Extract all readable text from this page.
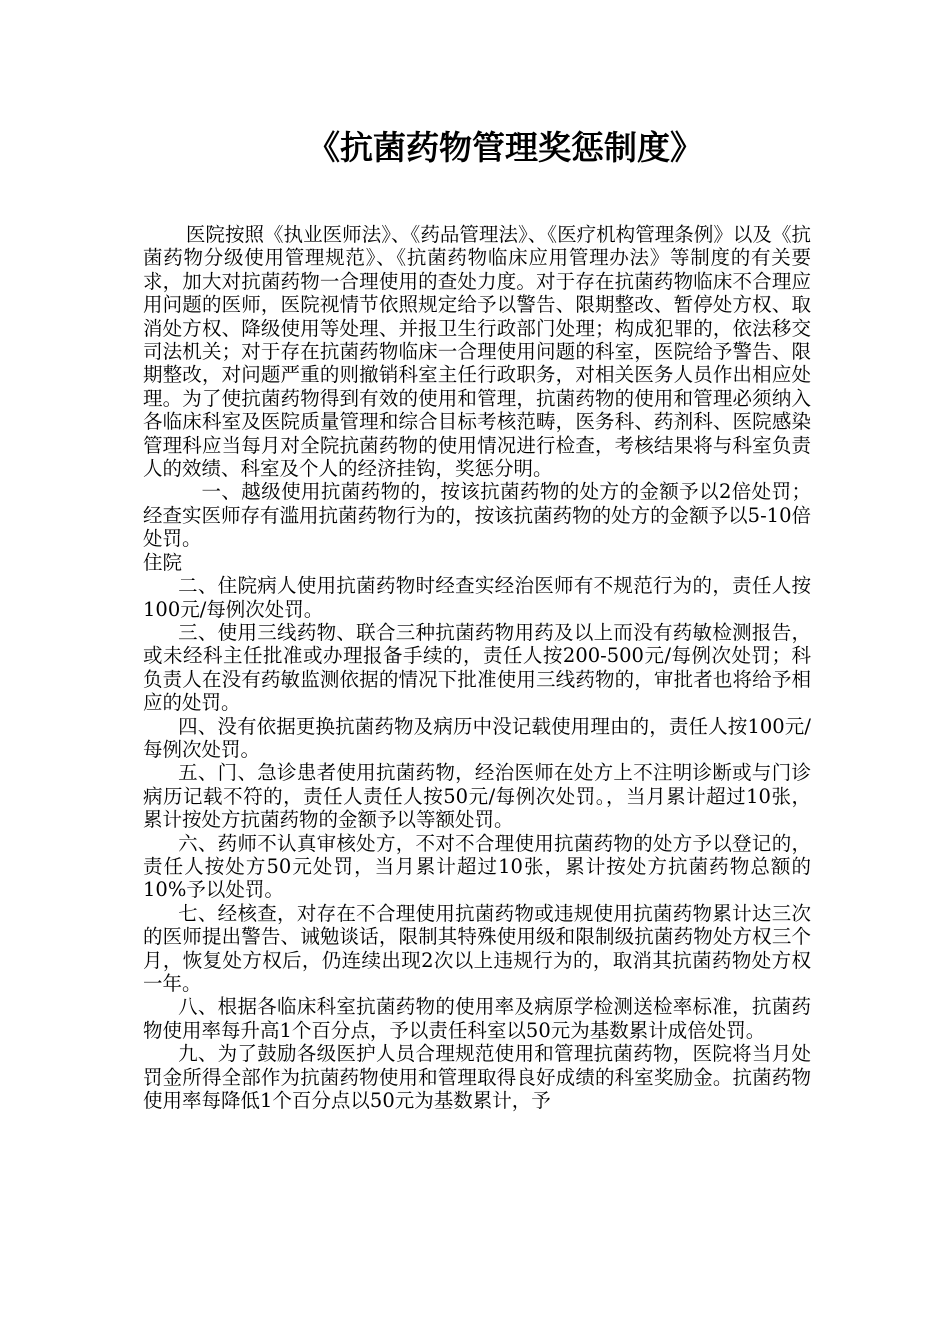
《抗菌药物管理奖惩制度》

医院按照《执业医师法》、《药品管理法》、《医疗机构管理条例》以及《抗菌药物分级使用管理规范》、《抗菌药物临床应用管理办法》等制度的有关要求，加大对抗菌药物一合理使用的查处力度。对于存在抗菌药物临床不合理应用问题的医师，医院视情节依照规定给予以警告、限期整改、暂停处方权、取消处方权、降级使用等处理、并报卫生行政部门处理；构成犯罪的，依法移交司法机关；对于存在抗菌药物临床一合理使用问题的科室，医院给予警告、限期整改，对问题严重的则撤销科室主任行政职务，对相关医务人员作出相应处理。为了使抗菌药物得到有效的使用和管理，抗菌药物的使用和管理必须纳入各临床科室及医院质量管理和综合目标考核范畴，医务科、药剂科、医院感染管理科应当每月对全院抗菌药物的使用情况进行检查，考核结果将与科室负责人的效绩、科室及个人的经济挂钩，奖惩分明。

一、越级使用抗菌药物的，按该抗菌药物的处方的金额予以2倍处罚；经查实医师存有滥用抗菌药物行为的，按该抗菌药物的处方的金额予以5-10倍处罚。

住院

二、住院病人使用抗菌药物时经查实经治医师有不规范行为的，责任人按100元/每例次处罚。

三、使用三线药物、联合三种抗菌药物用药及以上而没有药敏检测报告，或未经科主任批准或办理报备手续的，责任人按200-500元/每例次处罚；科负责人在没有药敏监测依据的情况下批准使用三线药物的，审批者也将给予相应的处罚。

四、没有依据更换抗菌药物及病历中没记载使用理由的，责任人按100元/每例次处罚。

五、门、急诊患者使用抗菌药物，经治医师在处方上不注明诊断或与门诊病历记载不符的，责任人责任人按50元/每例次处罚。，当月累计超过10张，累计按处方抗菌药物的金额予以等额处罚。

六、药师不认真审核处方，不对不合理使用抗菌药物的处方予以登记的，责任人按处方50元处罚，当月累计超过10张，累计按处方抗菌药物总额的10%予以处罚。

七、经核查，对存在不合理使用抗菌药物或违规使用抗菌药物累计达三次的医师提出警告、诫勉谈话，限制其特殊使用级和限制级抗菌药物处方权三个月，恢复处方权后，仍连续出现2次以上违规行为的，取消其抗菌药物处方权一年。

八、根据各临床科室抗菌药物的使用率及病原学检测送检率标准，抗菌药物使用率每升高1个百分点，予以责任科室以50元为基数累计成倍处罚。

九、为了鼓励各级医护人员合理规范使用和管理抗菌药物，医院将当月处罚金所得全部作为抗菌药物使用和管理取得良好成绩的科室奖励金。抗菌药物使用率每降低1个百分点以50元为基数累计，予
